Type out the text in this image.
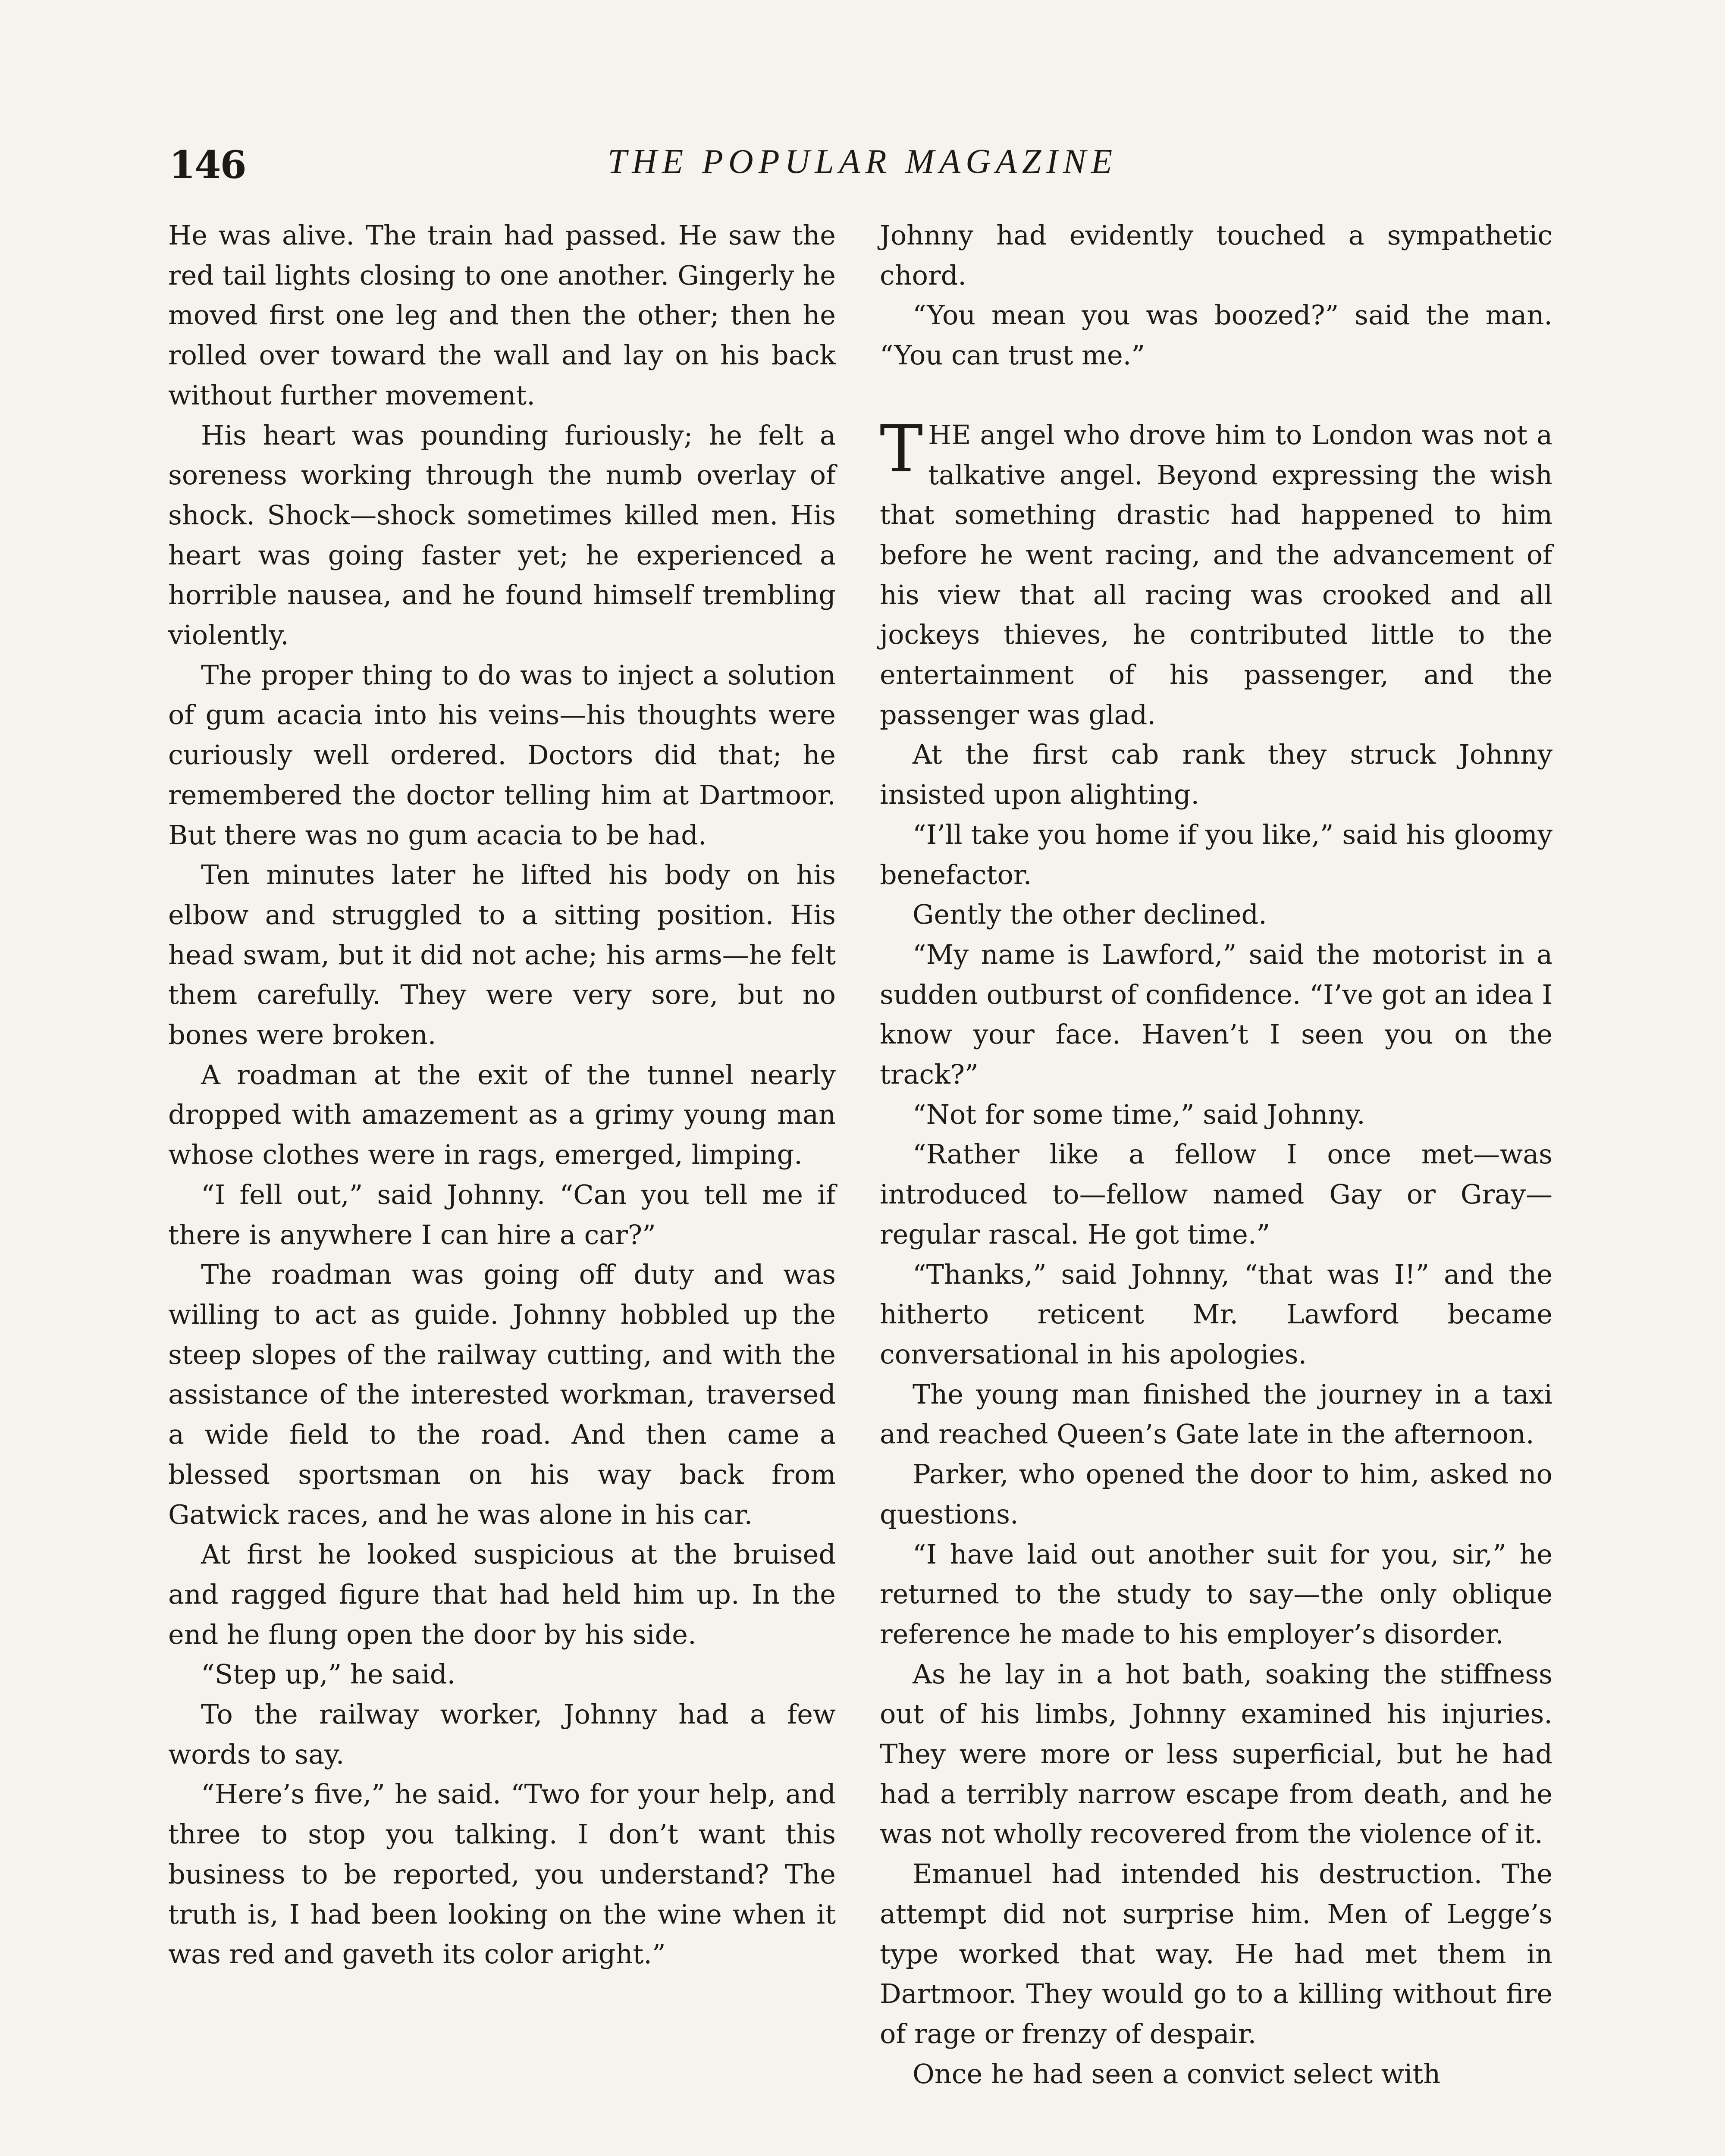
146	THE POPULAR MAGAZINE

He was alive. The train had passed. He saw the red tail lights closing to one another. Gingerly he moved first one leg and then the other; then he rolled over toward the wall and lay on his back without further movement.

His heart was pounding furiously; he felt a soreness working through the numb overlay of shock. Shock—shock sometimes killed men. His heart was going faster yet; he experienced a horrible nausea, and he found himself trembling violently.

The proper thing to do was to inject a solution of gum acacia into his veins—his thoughts were curiously well ordered. Doctors did that; he remembered the doctor telling him at Dartmoor. But there was no gum acacia to be had.

Ten minutes later he lifted his body on his elbow and struggled to a sitting position. His head swam, but it did not ache; his arms—he felt them carefully. They were very sore, but no bones were broken.

A roadman at the exit of the tunnel nearly dropped with amazement as a grimy young man whose clothes were in rags, emerged, limping.

“I fell out,” said Johnny. “Can you tell me if there is anywhere I can hire a car?”

The roadman was going off duty and was willing to act as guide. Johnny hobbled up the steep slopes of the railway cutting, and with the assistance of the interested workman, traversed a wide field to the road. And then came a blessed sportsman on his way back from Gatwick races, and he was alone in his car.

At first he looked suspicious at the bruised and ragged figure that had held him up. In the end he flung open the door by his side.

“Step up,” he said.

To the railway worker, Johnny had a few words to say.

“Here’s five,” he said. “Two for your help, and three to stop you talking. I don’t want this business to be reported, you understand? The truth is, I had been looking on the wine when it was red and gaveth its color aright.”

Johnny had evidently touched a sympathetic chord.

“You mean you was boozed?” said the man. “You can trust me.”

THE angel who drove him to London was not a talkative angel. Beyond expressing the wish that something drastic had happened to him before he went racing, and the advancement of his view that all racing was crooked and all jockeys thieves, he contributed little to the entertainment of his passenger, and the passenger was glad.

At the first cab rank they struck Johnny insisted upon alighting.

“I’ll take you home if you like,” said his gloomy benefactor.

Gently the other declined.

“My name is Lawford,” said the motorist in a sudden outburst of confidence. “I’ve got an idea I know your face. Haven’t I seen you on the track?”

“Not for some time,” said Johnny.

“Rather like a fellow I once met—was introduced to—fellow named Gay or Gray—regular rascal. He got time.”

“Thanks,” said Johnny, “that was I!” and the hitherto reticent Mr. Lawford became conversational in his apologies.

The young man finished the journey in a taxi and reached Queen’s Gate late in the afternoon.

Parker, who opened the door to him, asked no questions.

“I have laid out another suit for you, sir,” he returned to the study to say—the only oblique reference he made to his employer’s disorder.

As he lay in a hot bath, soaking the stiffness out of his limbs, Johnny examined his injuries. They were more or less superficial, but he had had a terribly narrow escape from death, and he was not wholly recovered from the violence of it.

Emanuel had intended his destruction. The attempt did not surprise him. Men of Legge’s type worked that way. He had met them in Dartmoor. They would go to a killing without fire of rage or frenzy of despair.

Once he had seen a convict select with
